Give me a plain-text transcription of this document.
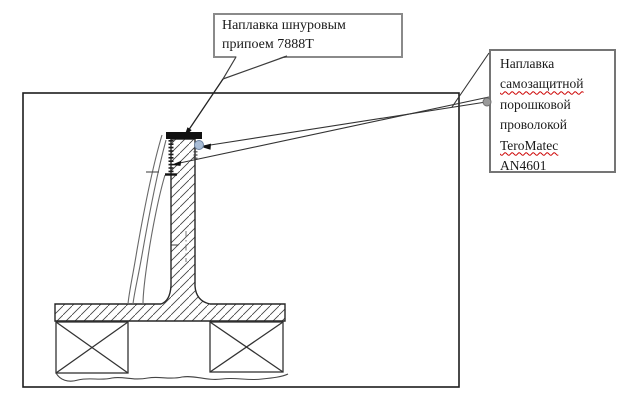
Наплавка шнуровым
припоем 7888Т
Наплавка
самозащитной
порошковой
проволокой
TeroMatec
AN4601
